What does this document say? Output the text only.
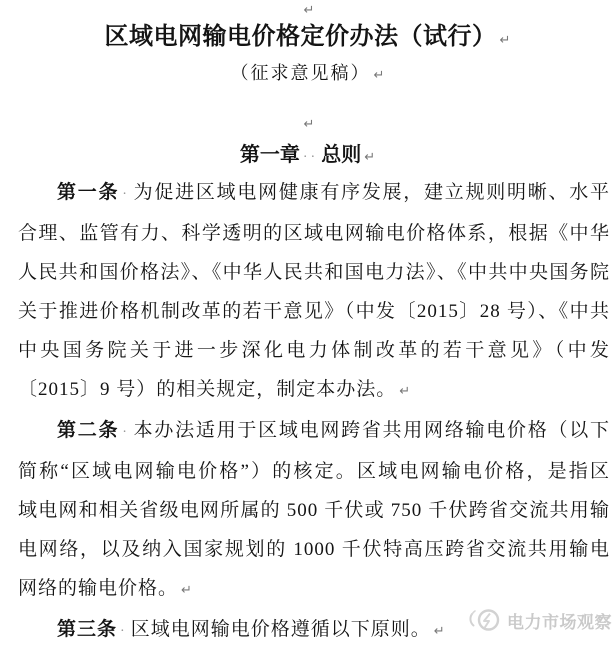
↵
区域电网输电价格定价办法（试行） ↵
（征求意见稿） ↵
↵
第一章 ·· 总则 ↵
第一条 · 为促进区域电网健康有序发展，建立规则明晰、水平
合理、监管有力、科学透明的区域电网输电价格体系，根据《中华
人民共和国价格法》、《中华人民共和国电力法》、《中共中央国务院
关于推进价格机制改革的若干意见》（中发〔2015〕28 号）、《中共
中央国务院关于进一步深化电力体制改革的若干意见》（中发
〔2015〕9 号）的相关规定，制定本办法。 ↵
第二条 · 本办法适用于区域电网跨省共用网络输电价格（以下
简称“区域电网输电价格”）的核定。区域电网输电价格，是指区
域电网和相关省级电网所属的 500 千伏或 750 千伏跨省交流共用输
电网络，以及纳入国家规划的 1000 千伏特高压跨省交流共用输电
网络的输电价格。 ↵
第三条 · 区域电网输电价格遵循以下原则。 ↵	电力市场观察
